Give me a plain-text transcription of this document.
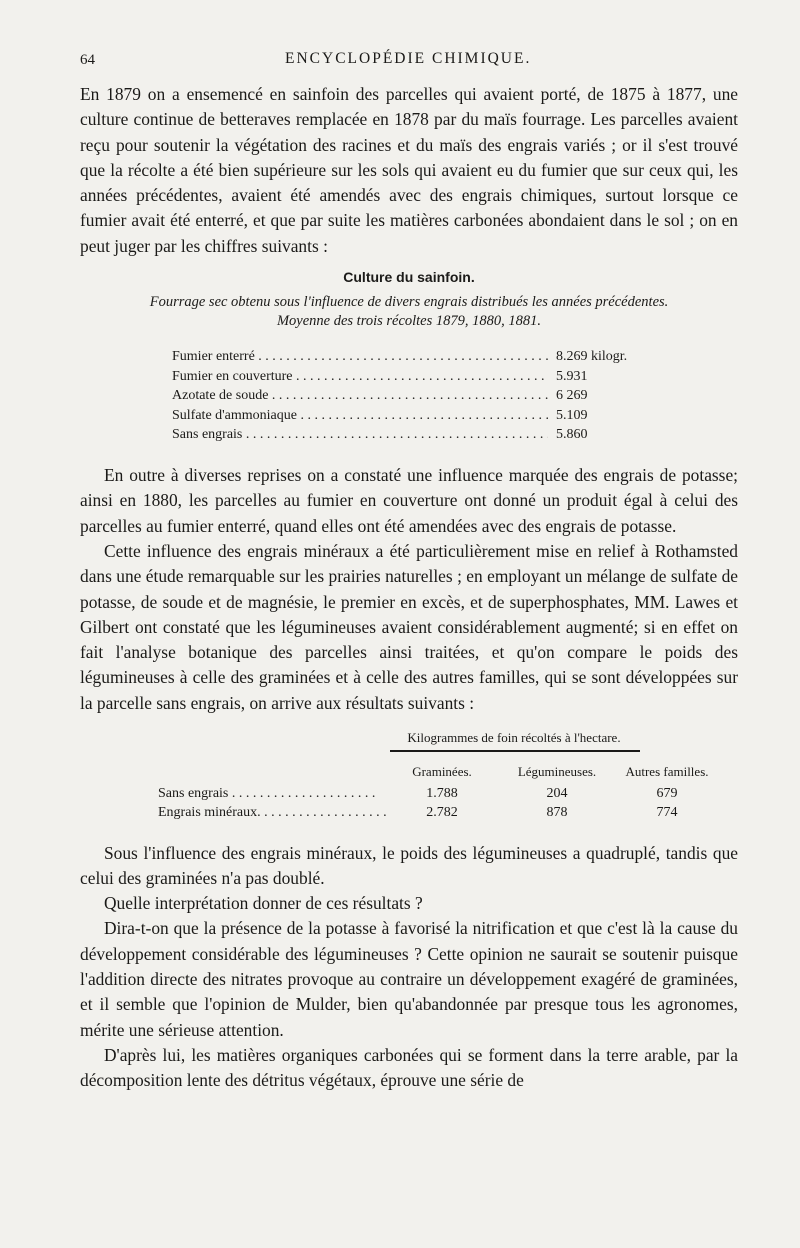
64	ENCYCLOPÉDIE CHIMIQUE.

En 1879 on a ensemencé en sainfoin des parcelles qui avaient porté, de 1875 à 1877, une culture continue de betteraves remplacée en 1878 par du maïs fourrage. Les parcelles avaient reçu pour soutenir la végétation des racines et du maïs des engrais variés ; or il s'est trouvé que la récolte a été bien supérieure sur les sols qui avaient eu du fumier que sur ceux qui, les années précédentes, avaient été amendés avec des engrais chimiques, surtout lorsque ce fumier avait été enterré, et que par suite les matières carbonées abondaient dans le sol ; on en peut juger par les chiffres suivants :

Culture du sainfoin.
Fourrage sec obtenu sous l'influence de divers engrais distribués les années précédentes.
Moyenne des trois récoltes 1879, 1880, 1881.
Fumier enterré . . .	8.269 kilogr.
Fumier en couverture . . .	5.931
Azotate de soude . . .	6 269
Sulfate d'ammoniaque . . .	5.109
Sans engrais . . .	5.860

En outre à diverses reprises on a constaté une influence marquée des engrais de potasse; ainsi en 1880, les parcelles au fumier en couverture ont donné un produit égal à celui des parcelles au fumier enterré, quand elles ont été amendées avec des engrais de potasse.

Cette influence des engrais minéraux a été particulièrement mise en relief à Rothamsted dans une étude remarquable sur les prairies naturelles ; en employant un mélange de sulfate de potasse, de soude et de magnésie, le premier en excès, et de superphosphates, MM. Lawes et Gilbert ont constaté que les légumineuses avaient considérablement augmenté; si en effet on fait l'analyse botanique des parcelles ainsi traitées, et qu'on compare le poids des légumineuses à celle des graminées et à celle des autres familles, qui se sont développées sur la parcelle sans engrais, on arrive aux résultats suivants :

Kilogrammes de foin récoltés à l'hectare.
Graminées.	Légumineuses.	Autres familles.
Sans engrais . . .	1.788	204	679
Engrais minéraux. . . .	2.782	878	774

Sous l'influence des engrais minéraux, le poids des légumineuses a quadruplé, tandis que celui des graminées n'a pas doublé.

Quelle interprétation donner de ces résultats ?

Dira-t-on que la présence de la potasse à favorisé la nitrification et que c'est là la cause du développement considérable des légumineuses ? Cette opinion ne saurait se soutenir puisque l'addition directe des nitrates provoque au contraire un développement exagéré de graminées, et il semble que l'opinion de Mulder, bien qu'abandonnée par presque tous les agronomes, mérite une sérieuse attention.

D'après lui, les matières organiques carbonées qui se forment dans la terre arable, par la décomposition lente des détritus végétaux, éprouve une série de
